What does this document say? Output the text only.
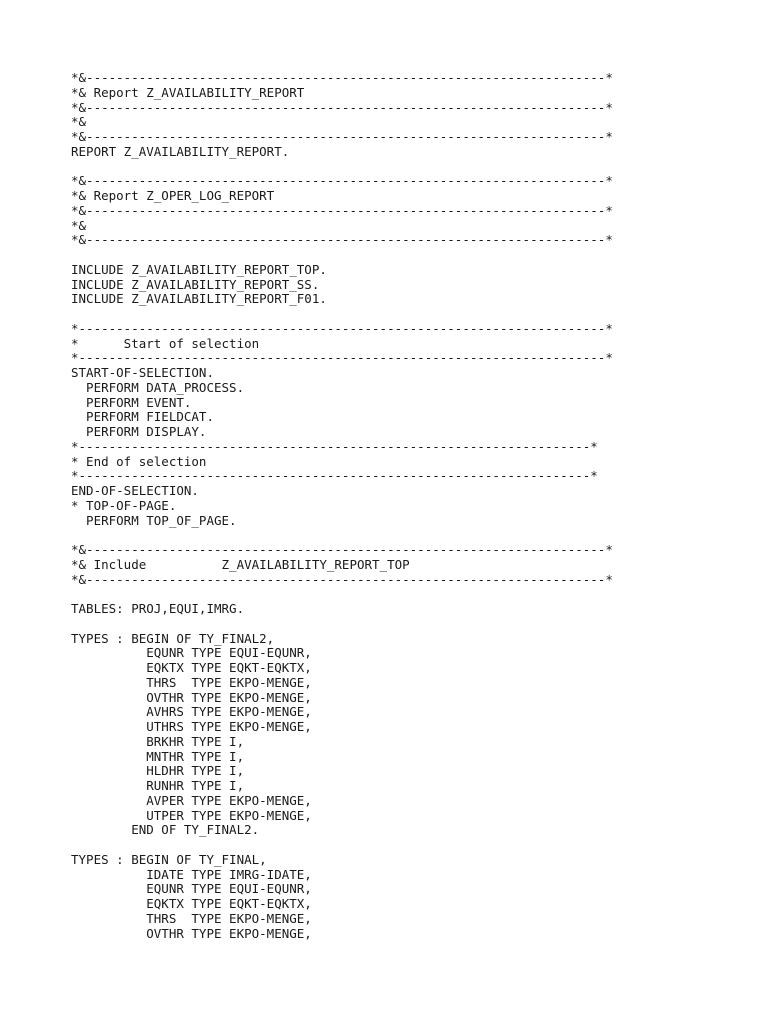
*&---------------------------------------------------------------------*
*& Report Z_AVAILABILITY_REPORT
*&---------------------------------------------------------------------*
*&
*&---------------------------------------------------------------------*
REPORT Z_AVAILABILITY_REPORT.

*&---------------------------------------------------------------------*
*& Report Z_OPER_LOG_REPORT
*&---------------------------------------------------------------------*
*&
*&---------------------------------------------------------------------*

INCLUDE Z_AVAILABILITY_REPORT_TOP.
INCLUDE Z_AVAILABILITY_REPORT_SS.
INCLUDE Z_AVAILABILITY_REPORT_F01.

*----------------------------------------------------------------------*
*      Start of selection
*----------------------------------------------------------------------*
START-OF-SELECTION.
PERFORM DATA_PROCESS.
PERFORM EVENT.
PERFORM FIELDCAT.
PERFORM DISPLAY.
*--------------------------------------------------------------------*
* End of selection
*--------------------------------------------------------------------*
END-OF-SELECTION.
* TOP-OF-PAGE.
PERFORM TOP_OF_PAGE.

*&---------------------------------------------------------------------*
*& Include          Z_AVAILABILITY_REPORT_TOP
*&---------------------------------------------------------------------*

TABLES: PROJ,EQUI,IMRG.

TYPES : BEGIN OF TY_FINAL2,
EQUNR TYPE EQUI-EQUNR,
EQKTX TYPE EQKT-EQKTX,
THRS  TYPE EKPO-MENGE,
OVTHR TYPE EKPO-MENGE,
AVHRS TYPE EKPO-MENGE,
UTHRS TYPE EKPO-MENGE,
BRKHR TYPE I,
MNTHR TYPE I,
HLDHR TYPE I,
RUNHR TYPE I,
AVPER TYPE EKPO-MENGE,
UTPER TYPE EKPO-MENGE,
END OF TY_FINAL2.

TYPES : BEGIN OF TY_FINAL,
IDATE TYPE IMRG-IDATE,
EQUNR TYPE EQUI-EQUNR,
EQKTX TYPE EQKT-EQKTX,
THRS  TYPE EKPO-MENGE,
OVTHR TYPE EKPO-MENGE,
